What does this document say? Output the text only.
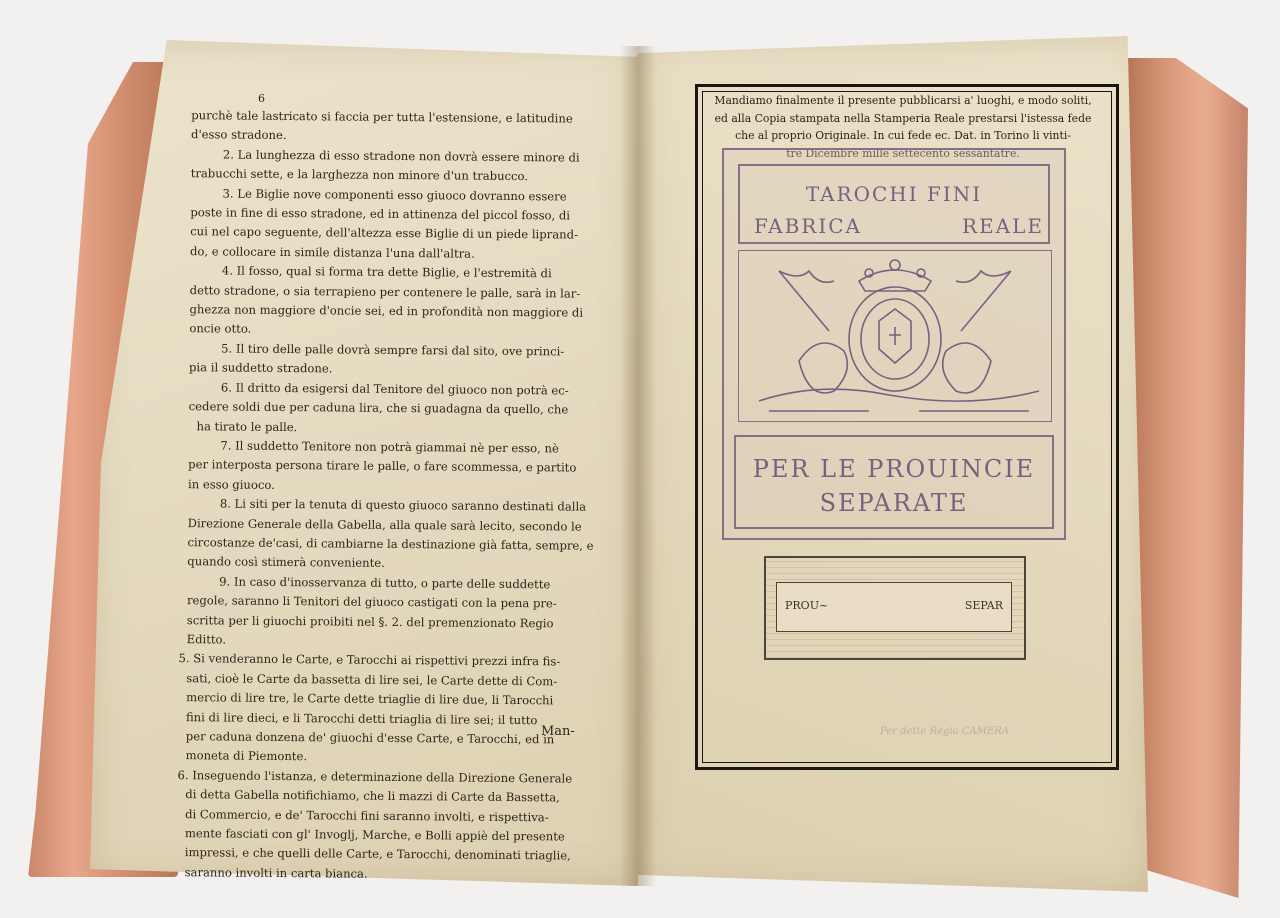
6
purchè tale lastricato si faccia per tutta l'estensione, e latitudine
d'esso stradone.
2. La lunghezza di esso stradone non dovrà essere minore di
trabucchi sette, e la larghezza non minore d'un trabucco.
3. Le Biglie nove componenti esso giuoco dovranno essere
poste in fine di esso stradone, ed in attinenza del piccol fosso, di
cui nel capo seguente, dell'altezza esse Biglie di un piede liprand-
do, e collocare in simile distanza l'una dall'altra.
4. Il fosso, qual si forma tra dette Biglie, e l'estremità di
detto stradone, o sia terrapieno per contenere le palle, sarà in lar-
ghezza non maggiore d'oncie sei, ed in profondità non maggiore di
oncie otto.
5. Il tiro delle palle dovrà sempre farsi dal sito, ove princi-
pia il suddetto stradone.
6. Il dritto da esigersi dal Tenitore del giuoco non potrà ec-
cedere soldi due per caduna lira, che si guadagna da quello, che
ha tirato le palle.
7. Il suddetto Tenitore non potrà giammai nè per esso, nè
per interposta persona tirare le palle, o fare scommessa, e partito
in esso giuoco.
8. Li siti per la tenuta di questo giuoco saranno destinati dalla
Direzione Generale della Gabella, alla quale sarà lecito, secondo le
circostanze de'casi, di cambiarne la destinazione già fatta, sempre, e
quando così stimerà conveniente.
9. In caso d'inosservanza di tutto, o parte delle suddette
regole, saranno li Tenitori del giuoco castigati con la pena pre-
scritta per li giuochi proibiti nel §. 2. del premenzionato Regio
Editto.
5. Si venderanno le Carte, e Tarocchi ai rispettivi prezzi infra fis-
sati, cioè le Carte da bassetta di lire sei, le Carte dette di Com-
mercio di lire tre, le Carte dette triaglie di lire due, li Tarocchi
fini di lire dieci, e li Tarocchi detti triaglia di lire sei; il tutto
per caduna donzena de' giuochi d'esse Carte, e Tarocchi, ed in
moneta di Piemonte.
6. Inseguendo l'istanza, e determinazione della Direzione Generale
di detta Gabella notifichiamo, che li mazzi di Carte da Bassetta,
di Commercio, e de' Tarocchi fini saranno involti, e rispettiva-
mente fasciati con gl' Invoglj, Marche, e Bolli appiè del presente
impressi, e che quelli delle Carte, e Tarocchi, denominati triaglie,
saranno involti in carta bianca.
Man-
Mandiamo finalmente il presente pubblicarsi a' luoghi, e modo soliti,
ed alla Copia stampata nella Stamperia Reale prestarsi l'istessa fede
che al proprio Originale. In cui fede ec. Dat. in Torino li vinti-
tre Dicembre mille settecento sessantatre.
TAROCHI FINI
FABRICA	REALE
PER LE PROUINCIE
SEPARATE
PROU~	SEPAR
Per dette Regia CAMERA
